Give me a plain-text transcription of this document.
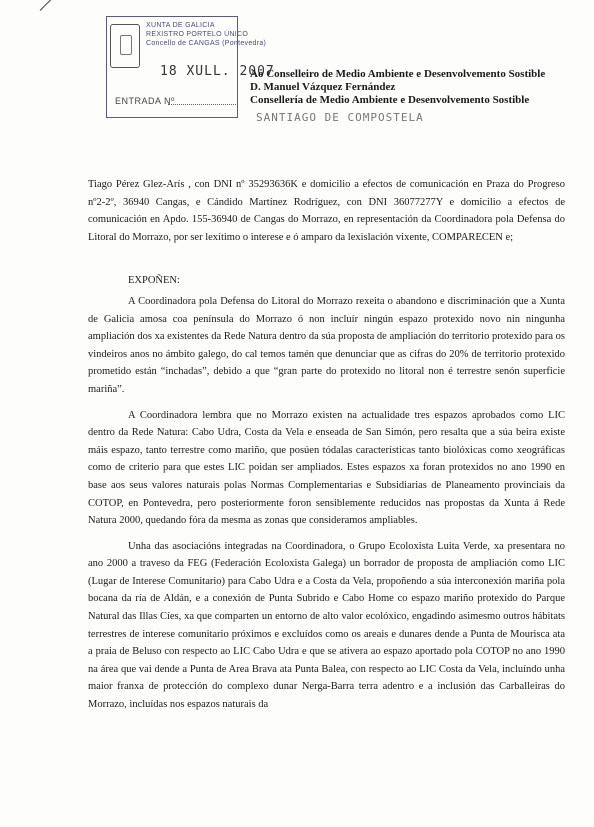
XUNTA DE GALICIA
REXISTRO PORTELO ÚNICO
Concello de CANGAS (Pontevedra)
18 XULL. 2007
ENTRADA Nº
Ao Conselleiro de Medio Ambiente e Desenvolvemento Sostible
D. Manuel Vázquez Fernández
Consellería de Medio Ambiente e Desenvolvemento Sostible
SANTIAGO DE COMPOSTELA

Tiago Pérez Glez-Arís , con DNI nº 35293636K e domicilio a efectos de comunicación en Praza do Progreso nº2-2º, 36940 Cangas, e Cándido Martínez Rodríguez, con DNI 36077277Y e domicilio a efectos de comunicación en Apdo. 155-36940 de Cangas do Morrazo, en representación da Coordinadora pola Defensa do Litoral do Morrazo, por ser lexítimo o interese e ó amparo da lexislación vixente, COMPARECEN e;

EXPOÑEN:

A Coordinadora pola Defensa do Litoral do Morrazo rexeita o abandono e discriminación que a Xunta de Galicia amosa coa península do Morrazo ó non incluír ningún espazo protexido novo nin ningunha ampliación dos xa existentes da Rede Natura dentro da súa proposta de ampliación do territorio protexido para os vindeiros anos no ámbito galego, do cal temos tamén que denunciar que as cifras do 20% de territorio protexido prometido están “inchadas”, debido a que “gran parte do protexido no litoral non é terrestre senón superficie mariña”.

A Coordinadora lembra que no Morrazo existen na actualidade tres espazos aprobados como LIC dentro da Rede Natura: Cabo Udra, Costa da Vela e enseada de San Simón, pero resalta que a súa beira existe máis espazo, tanto terrestre como mariño, que posúen tódalas características tanto biolóxicas como xeográficas como de criterio para que estes LIC poidan ser ampliados. Estes espazos xa foran protexidos no ano 1990 en base aos seus valores naturais polas Normas Complementarias e Subsidiarias de Planeamento provinciais da COTOP, en Pontevedra, pero posteriormente foron sensiblemente reducidos nas propostas da Xunta á Rede Natura 2000, quedando fóra da mesma as zonas que consideramos ampliables.

Unha das asociacións integradas na Coordinadora, o Grupo Ecoloxista Luita Verde, xa presentara no ano 2000 a traveso da FEG (Federación Ecoloxista Galega) un borrador de proposta de ampliación como LIC (Lugar de Interese Comunitario) para Cabo Udra e a Costa da Vela, propoñendo a súa interconexión mariña pola bocana da ría de Aldán, e a conexión de Punta Subrido e Cabo Home co espazo mariño protexido do Parque Natural das Illas Cíes, xa que comparten un entorno de alto valor ecolóxico, engadindo asimesmo outros hábitats terrestres de interese comunitario próximos e excluídos como os areais e dunares dende a Punta de Mourisca ata a praia de Beluso con respecto ao LIC Cabo Udra e que se ativera ao espazo aportado pola COTOP no ano 1990 na área que vai dende a Punta de Area Brava ata Punta Balea, con respecto ao LIC Costa da Vela, incluíndo unha maior franxa de protección do complexo dunar Nerga-Barra terra adentro e a inclusión das Carballeiras do Morrazo, incluídas nos espazos naturais da
